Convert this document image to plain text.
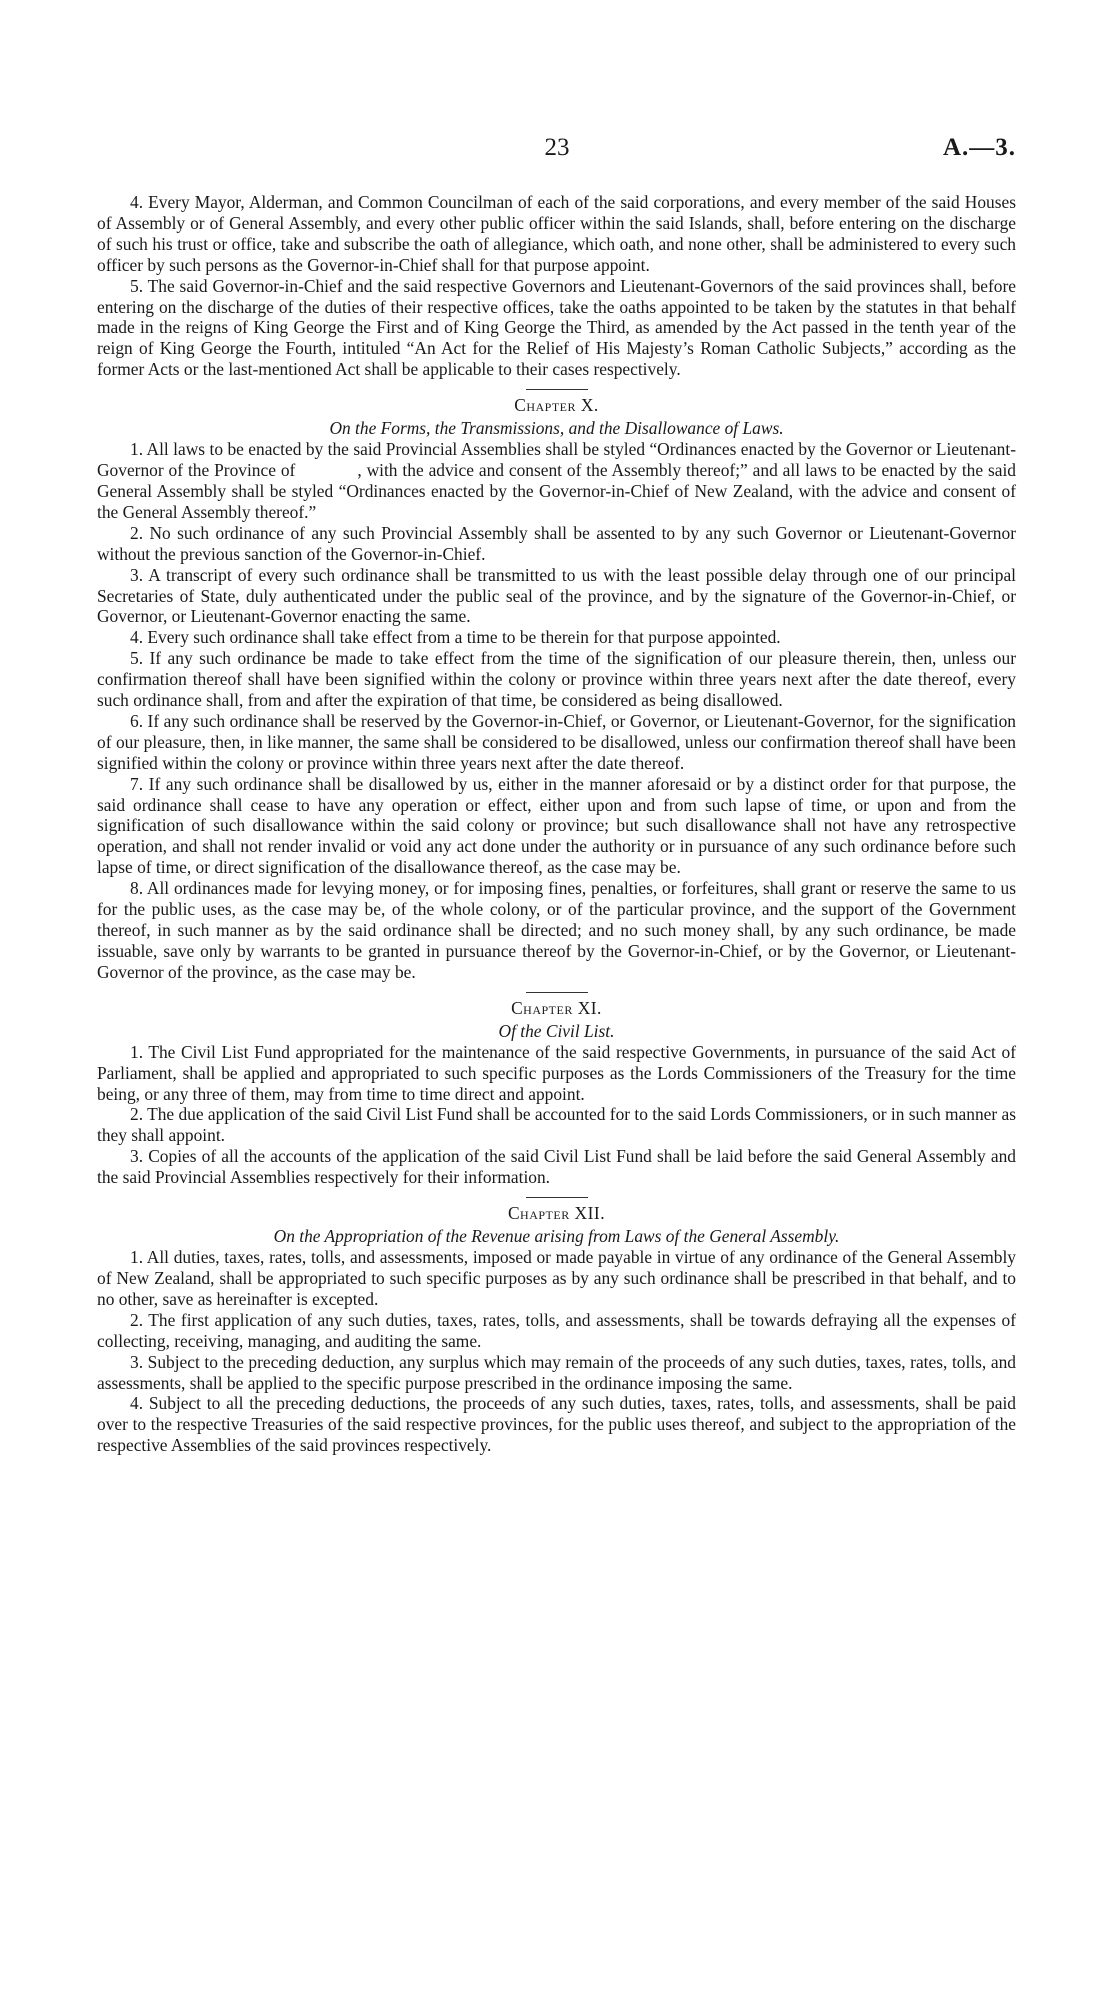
23	A.—3.

4. Every Mayor, Alderman, and Common Councilman of each of the said corporations, and every member of the said Houses of Assembly or of General Assembly, and every other public officer within the said Islands, shall, before entering on the discharge of such his trust or office, take and subscribe the oath of allegiance, which oath, and none other, shall be administered to every such officer by such persons as the Governor-in-Chief shall for that purpose appoint.

5. The said Governor-in-Chief and the said respective Governors and Lieutenant-Governors of the said provinces shall, before entering on the discharge of the duties of their respective offices, take the oaths appointed to be taken by the statutes in that behalf made in the reigns of King George the First and of King George the Third, as amended by the Act passed in the tenth year of the reign of King George the Fourth, intituled “An Act for the Relief of His Majesty’s Roman Catholic Subjects,” according as the former Acts or the last-mentioned Act shall be applicable to their cases respectively.

Chapter X.
On the Forms, the Transmissions, and the Disallowance of Laws.

1. All laws to be enacted by the said Provincial Assemblies shall be styled “Ordinances enacted by the Governor or Lieutenant-Governor of the Province of	, with the advice and consent of the Assembly thereof;” and all laws to be enacted by the said General Assembly shall be styled “Ordinances enacted by the Governor-in-Chief of New Zealand, with the advice and consent of the General Assembly thereof.”

2. No such ordinance of any such Provincial Assembly shall be assented to by any such Governor or Lieutenant-Governor without the previous sanction of the Governor-in-Chief.

3. A transcript of every such ordinance shall be transmitted to us with the least possible delay through one of our principal Secretaries of State, duly authenticated under the public seal of the province, and by the signature of the Governor-in-Chief, or Governor, or Lieutenant-Governor enacting the same.

4. Every such ordinance shall take effect from a time to be therein for that purpose appointed.

5. If any such ordinance be made to take effect from the time of the signification of our pleasure therein, then, unless our confirmation thereof shall have been signified within the colony or province within three years next after the date thereof, every such ordinance shall, from and after the expiration of that time, be considered as being disallowed.

6. If any such ordinance shall be reserved by the Governor-in-Chief, or Governor, or Lieutenant-Governor, for the signification of our pleasure, then, in like manner, the same shall be considered to be disallowed, unless our confirmation thereof shall have been signified within the colony or province within three years next after the date thereof.

7. If any such ordinance shall be disallowed by us, either in the manner aforesaid or by a distinct order for that purpose, the said ordinance shall cease to have any operation or effect, either upon and from such lapse of time, or upon and from the signification of such disallowance within the said colony or province; but such disallowance shall not have any retrospective operation, and shall not render invalid or void any act done under the authority or in pursuance of any such ordinance before such lapse of time, or direct signification of the disallowance thereof, as the case may be.

8. All ordinances made for levying money, or for imposing fines, penalties, or forfeitures, shall grant or reserve the same to us for the public uses, as the case may be, of the whole colony, or of the particular province, and the support of the Government thereof, in such manner as by the said ordinance shall be directed; and no such money shall, by any such ordinance, be made issuable, save only by warrants to be granted in pursuance thereof by the Governor-in-Chief, or by the Governor, or Lieutenant-Governor of the province, as the case may be.

Chapter XI.
Of the Civil List.

1. The Civil List Fund appropriated for the maintenance of the said respective Governments, in pursuance of the said Act of Parliament, shall be applied and appropriated to such specific purposes as the Lords Commissioners of the Treasury for the time being, or any three of them, may from time to time direct and appoint.

2. The due application of the said Civil List Fund shall be accounted for to the said Lords Commissioners, or in such manner as they shall appoint.

3. Copies of all the accounts of the application of the said Civil List Fund shall be laid before the said General Assembly and the said Provincial Assemblies respectively for their information.

Chapter XII.
On the Appropriation of the Revenue arising from Laws of the General Assembly.

1. All duties, taxes, rates, tolls, and assessments, imposed or made payable in virtue of any ordinance of the General Assembly of New Zealand, shall be appropriated to such specific purposes as by any such ordinance shall be prescribed in that behalf, and to no other, save as hereinafter is excepted.

2. The first application of any such duties, taxes, rates, tolls, and assessments, shall be towards defraying all the expenses of collecting, receiving, managing, and auditing the same.

3. Subject to the preceding deduction, any surplus which may remain of the proceeds of any such duties, taxes, rates, tolls, and assessments, shall be applied to the specific purpose prescribed in the ordinance imposing the same.

4. Subject to all the preceding deductions, the proceeds of any such duties, taxes, rates, tolls, and assessments, shall be paid over to the respective Treasuries of the said respective provinces, for the public uses thereof, and subject to the appropriation of the respective Assemblies of the said provinces respectively.
